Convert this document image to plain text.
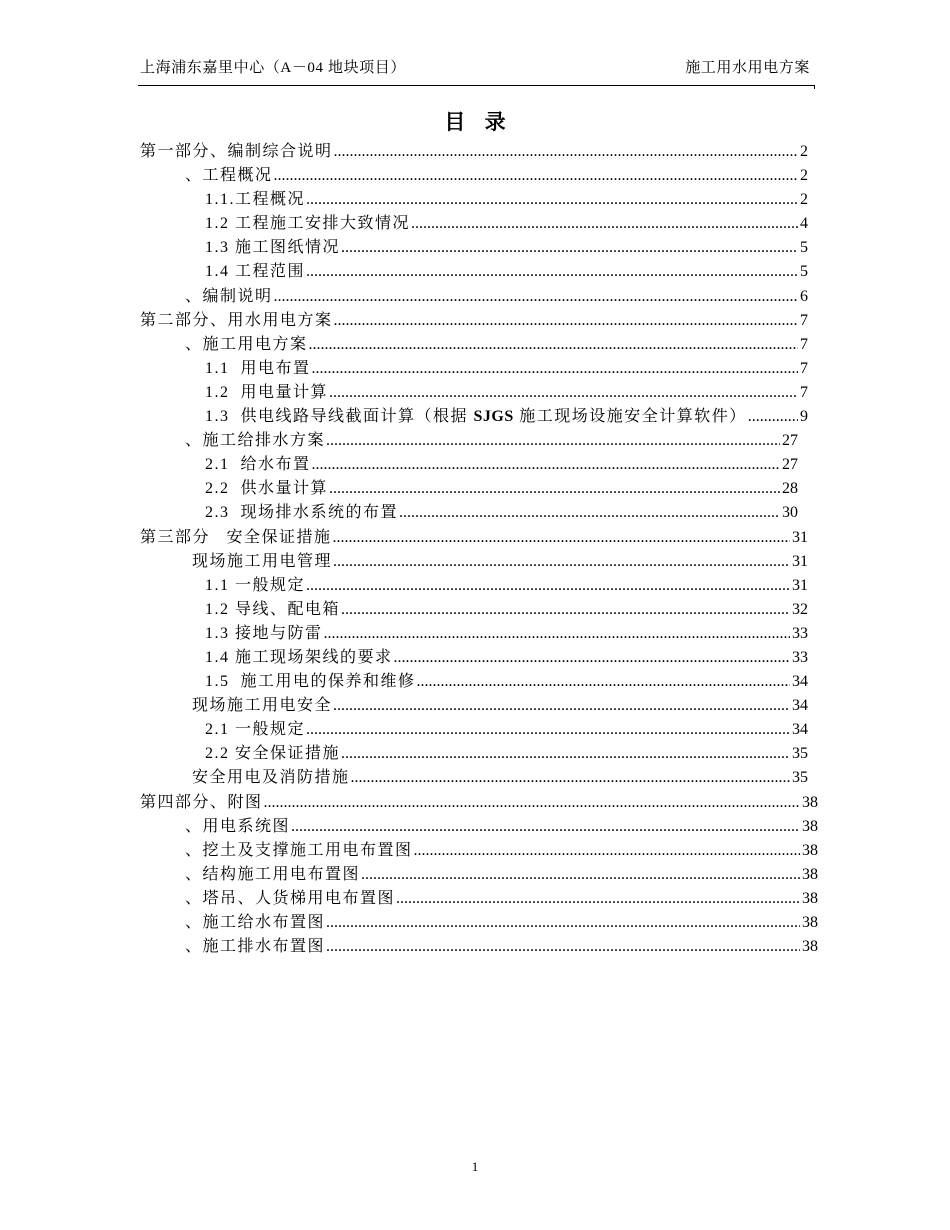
上海浦东嘉里中心（A－04 地块项目）	施工用水用电方案
目 录
第一部分、编制综合说明 .....	2
、工程概况 .....	2
1.1.工程概况 .....	2
1.2 工程施工安排大致情况 .....	4
1.3 施工图纸情况 .....	5
1.4 工程范围 .....	5
、编制说明 .....	6
第二部分、用水用电方案 .....	7
、施工用电方案 .....	7
1.1  用电布置 .....	7
1.2  用电量计算 .....	7
1.3  供电线路导线截面计算（根据 SJGS 施工现场设施安全计算软件） .....	9
、施工给排水方案 .....	27
2.1  给水布置 .....	27
2.2  供水量计算 .....	28
2.3  现场排水系统的布置 .....	30
第三部分   安全保证措施 .....	31
现场施工用电管理 .....	31
1.1 一般规定 .....	31
1.2 导线、配电箱 .....	32
1.3 接地与防雷 .....	33
1.4 施工现场架线的要求 .....	33
1.5  施工用电的保养和维修 .....	34
现场施工用电安全 .....	34
2.1 一般规定 .....	34
2.2 安全保证措施 .....	35
安全用电及消防措施 .....	35
第四部分、附图 .....	38
、用电系统图 .....	38
、挖土及支撑施工用电布置图 .....	38
、结构施工用电布置图 .....	38
、塔吊、人货梯用电布置图 .....	38
、施工给水布置图 .....	38
、施工排水布置图 .....	38
1
